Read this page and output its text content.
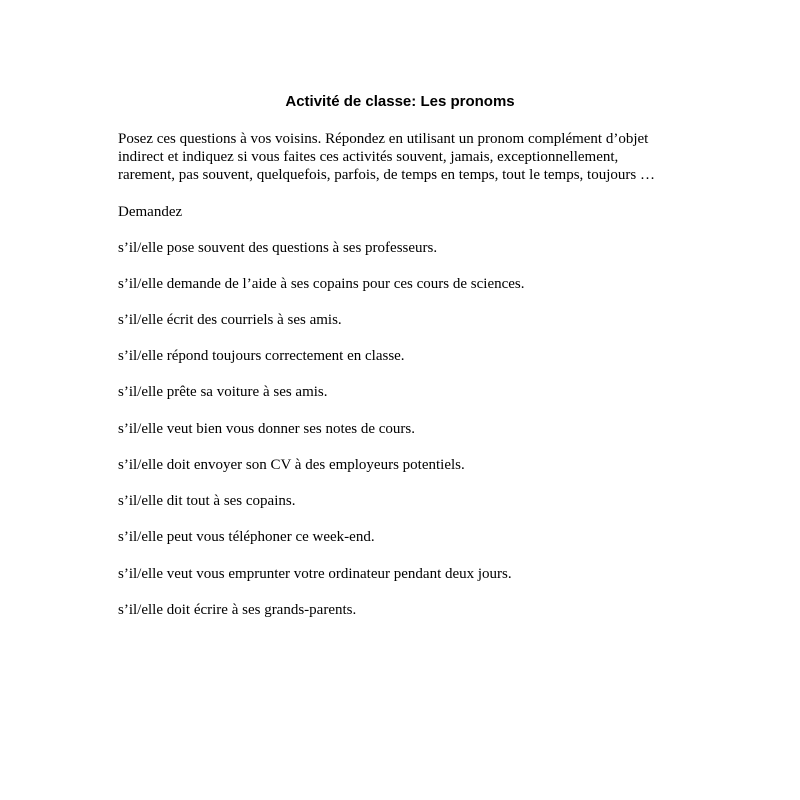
Activité de classe: Les pronoms
Posez ces questions à vos voisins. Répondez en utilisant un pronom complément d’objet
indirect et indiquez si vous faites ces activités souvent, jamais, exceptionnellement,
rarement, pas souvent, quelquefois, parfois, de temps en temps, tout le temps, toujours …
Demandez
s’il/elle pose souvent des questions à ses professeurs.
s’il/elle demande de l’aide à ses copains pour ces cours de sciences.
s’il/elle écrit des courriels à ses amis.
s’il/elle répond toujours correctement en classe.
s’il/elle prête sa voiture à ses amis.
s’il/elle veut bien vous donner ses notes de cours.
s’il/elle doit envoyer son CV à des employeurs potentiels.
s’il/elle dit tout à ses copains.
s’il/elle peut vous téléphoner ce week-end.
s’il/elle veut vous emprunter votre ordinateur pendant deux jours.
s’il/elle doit écrire à ses grands-parents.
